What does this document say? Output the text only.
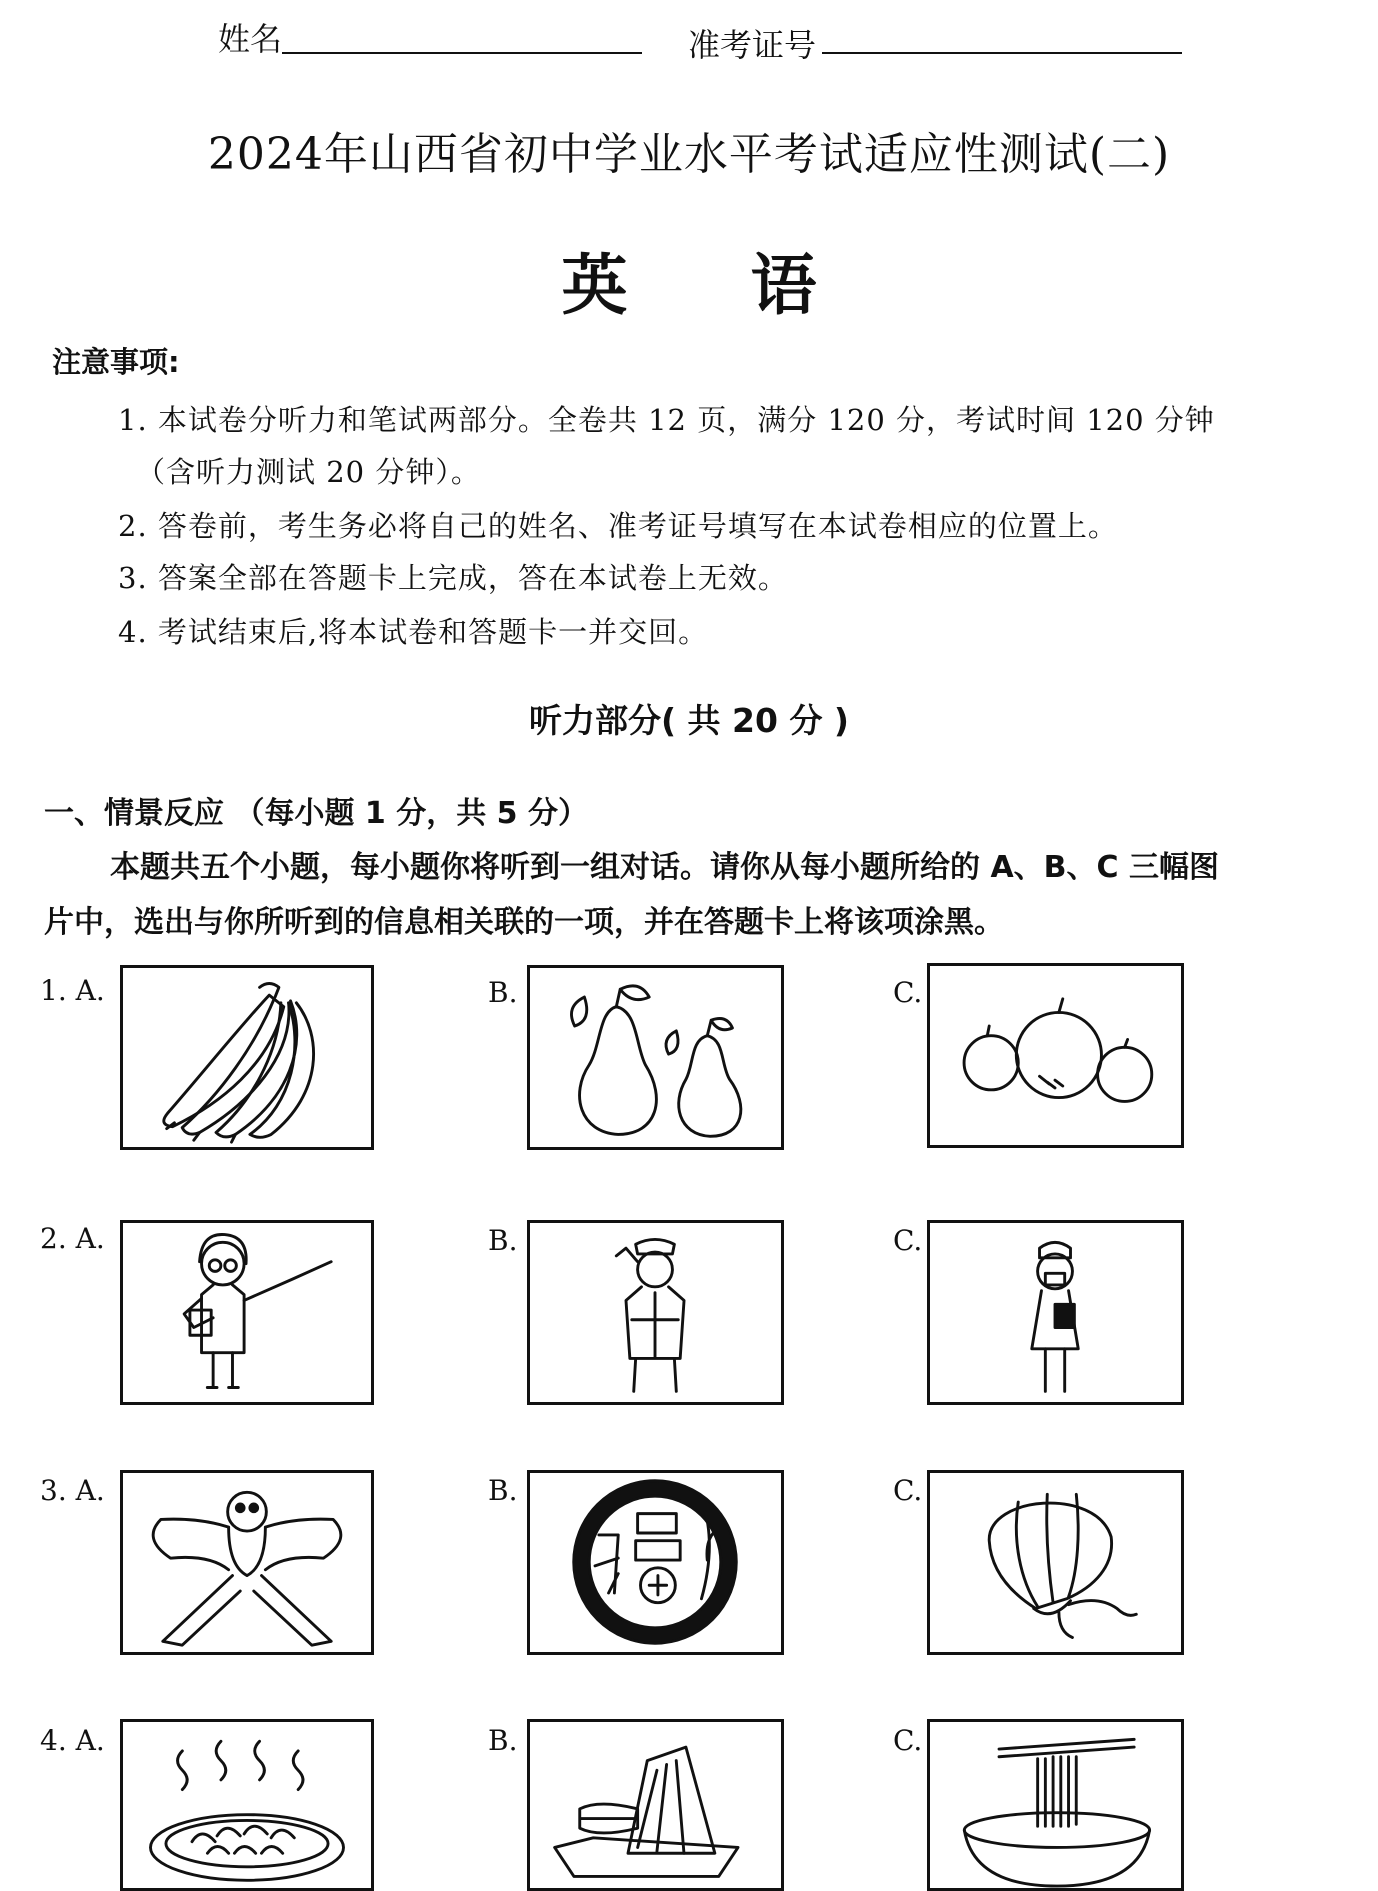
姓名	准考证号
2024年山西省初中学业水平考试适应性测试(二)
英 语
注意事项:
1. 本试卷分听力和笔试两部分。全卷共 12 页，满分 120 分，考试时间 120 分钟
（含听力测试 20 分钟）。
2. 答卷前，考生务必将自己的姓名、准考证号填写在本试卷相应的位置上。
3. 答案全部在答题卡上完成，答在本试卷上无效。
4. 考试结束后,将本试卷和答题卡一并交回。
听力部分( 共 20 分 )
一、情景反应 （每小题 1 分，共 5 分）
本题共五个小题，每小题你将听到一组对话。请你从每小题所给的 A、B、C 三幅图
片中，选出与你所听到的信息相关联的一项，并在答题卡上将该项涂黑。
1. A.	B.	C.
2. A.	B.	C.
3. A.	B.	C.
4. A.	B.	C.
